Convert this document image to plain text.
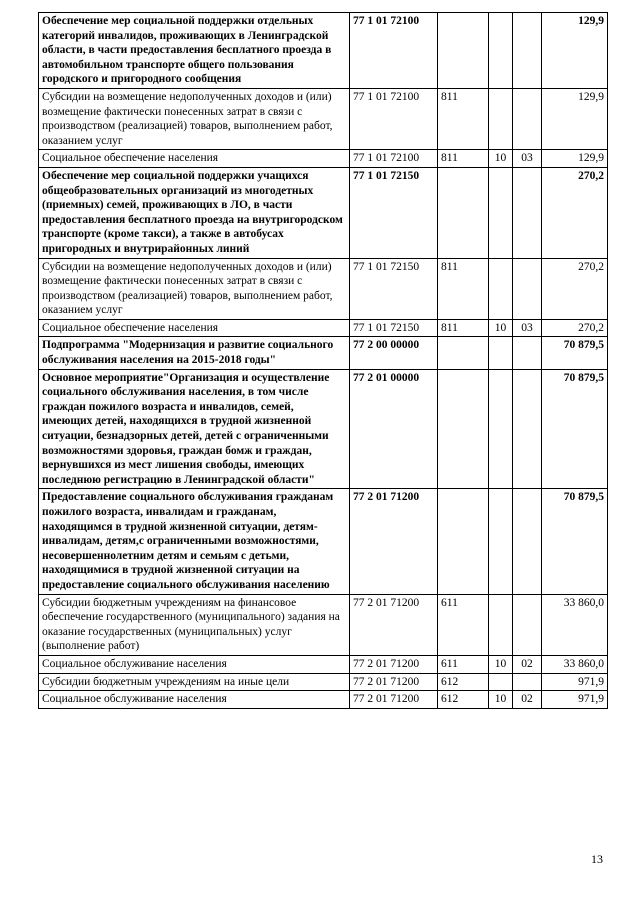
Обеспечение мер социальной поддержки отдельных категорий инвалидов, проживающих в Ленинградской области, в части предоставления бесплатного проезда в автомобильном транспорте общего пользования городского и пригородного сообщения	77 1 01 72100				129,9
Субсидии на возмещение недополученных доходов и (или) возмещение фактически понесенных затрат в связи с производством (реализацией) товаров, выполнением работ, оказанием услуг	77 1 01 72100	811			129,9
Социальное обеспечение населения	77 1 01 72100	811	10	03	129,9
Обеспечение мер социальной поддержки учащихся общеобразовательных организаций из многодетных (приемных) семей, проживающих в ЛО, в части предоставления бесплатного проезда на внутригородском транспорте (кроме такси), а также в автобусах пригородных и внутрирайонных линий	77 1 01 72150				270,2
Субсидии на возмещение недополученных доходов и (или) возмещение фактически понесенных затрат в связи с производством (реализацией) товаров, выполнением работ, оказанием услуг	77 1 01 72150	811			270,2
Социальное обеспечение населения	77 1 01 72150	811	10	03	270,2
Подпрограмма "Модернизация и развитие социального обслуживания населения на 2015-2018 годы"	77 2 00 00000				70 879,5
Основное мероприятие"Организация и осуществление социального обслуживания населения, в том числе граждан пожилого возраста и инвалидов, семей, имеющих детей, находящихся в трудной жизненной ситуации, безнадзорных детей, детей с ограниченными возможностями здоровья, граждан бомж и граждан, вернувшихся из мест лишения свободы, имеющих последнюю регистрацию в Ленинградской области"	77 2 01 00000				70 879,5
Предоставление социального обслуживания гражданам пожилого возраста, инвалидам и гражданам, находящимся в трудной жизненной ситуации, детям-инвалидам, детям,с ограниченными возможностями, несовершеннолетним детям и семьям с детьми, находящимися в трудной жизненной ситуации на предоставление социального обслуживания населению	77 2 01 71200				70 879,5
Субсидии бюджетным учреждениям на финансовое обеспечение государственного (муниципального) задания на оказание государственных (муниципальных) услуг (выполнение работ)	77 2 01 71200	611			33 860,0
Социальное обслуживание населения	77 2 01 71200	611	10	02	33 860,0
Субсидии бюджетным учреждениям на иные цели	77 2 01 71200	612			971,9
Социальное обслуживание населения	77 2 01 71200	612	10	02	971,9
13
